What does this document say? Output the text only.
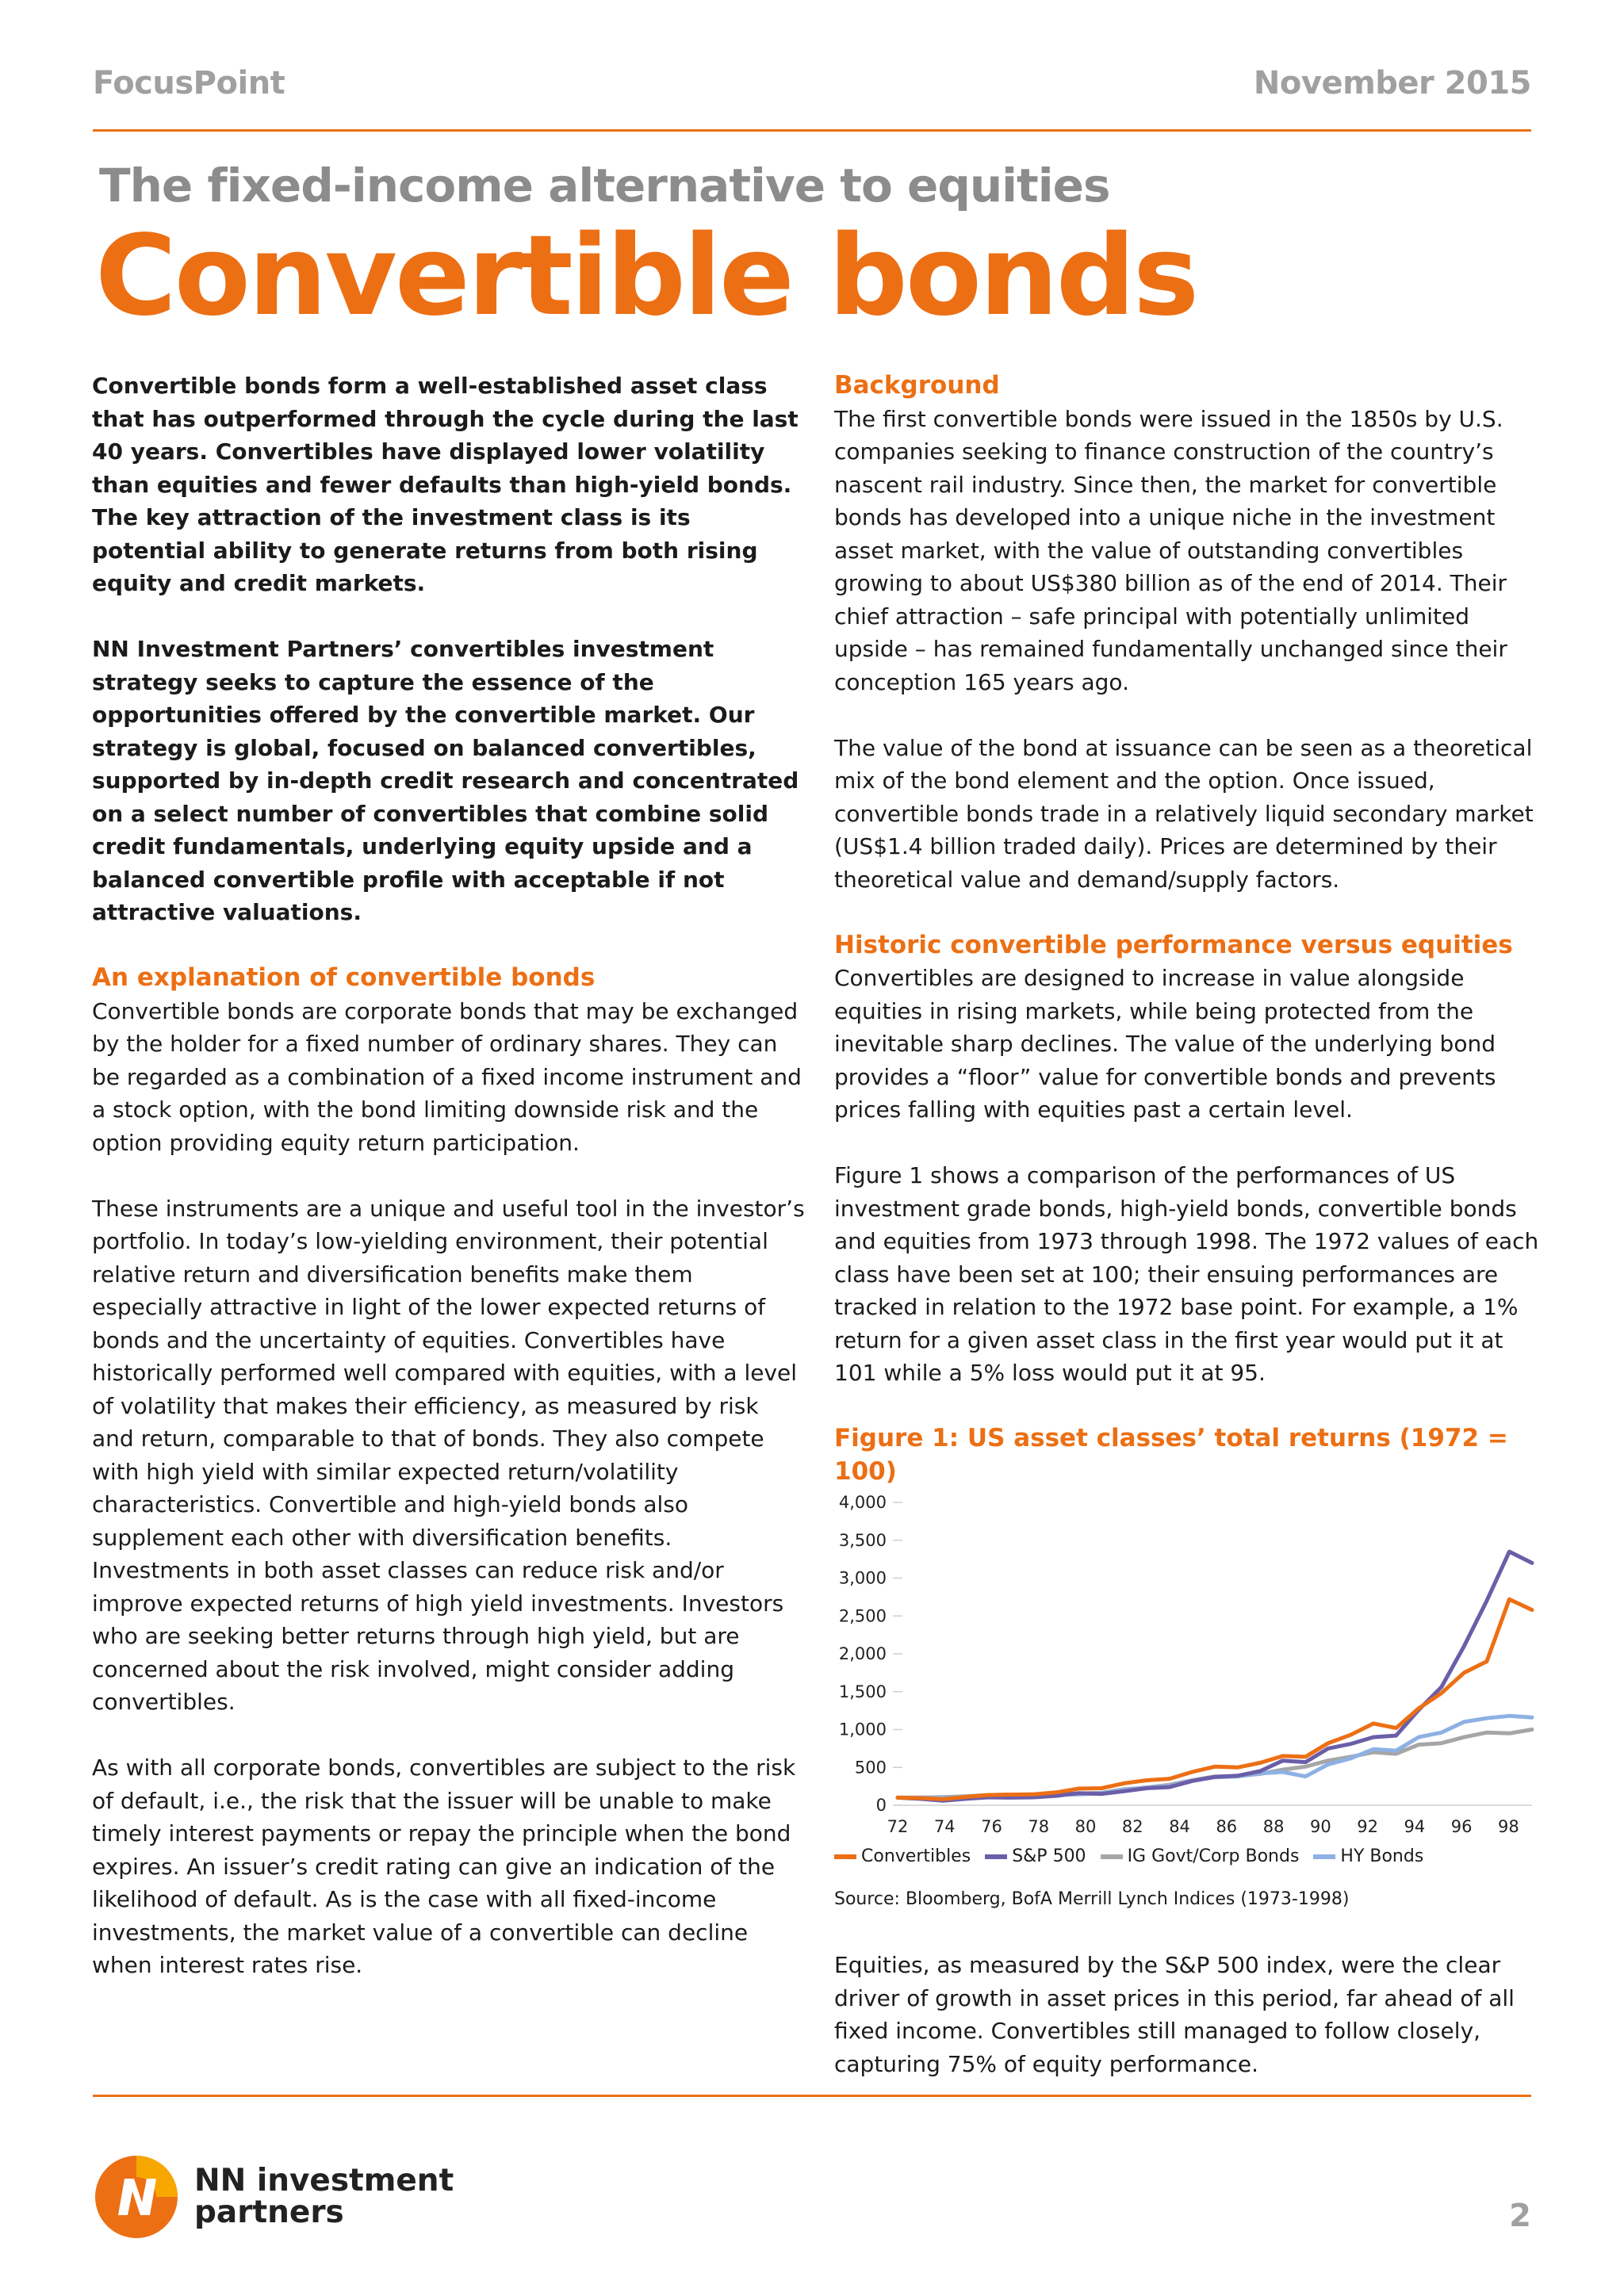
FocusPoint	November 2015
The fixed-income alternative to equities
Convertible bonds

Convertible bonds form a well-established asset class that has outperformed through the cycle during the last 40 years. Convertibles have displayed lower volatility than equities and fewer defaults than high-yield bonds. The key attraction of the investment class is its potential ability to generate returns from both rising equity and credit markets.

NN Investment Partners’ convertibles investment strategy seeks to capture the essence of the opportunities offered by the convertible market. Our strategy is global, focused on balanced convertibles, supported by in-depth credit research and concentrated on a select number of convertibles that combine solid credit fundamentals, underlying equity upside and a balanced convertible profile with acceptable if not attractive valuations.

An explanation of convertible bonds

Convertible bonds are corporate bonds that may be exchanged by the holder for a fixed number of ordinary shares. They can be regarded as a combination of a fixed income instrument and a stock option, with the bond limiting downside risk and the option providing equity return participation.

These instruments are a unique and useful tool in the investor’s portfolio. In today’s low-yielding environment, their potential relative return and diversification benefits make them especially attractive in light of the lower expected returns of bonds and the uncertainty of equities. Convertibles have historically performed well compared with equities, with a level of volatility that makes their efficiency, as measured by risk and return, comparable to that of bonds. They also compete with high yield with similar expected return/volatility characteristics. Convertible and high-yield bonds also supplement each other with diversification benefits. Investments in both asset classes can reduce risk and/or improve expected returns of high yield investments. Investors who are seeking better returns through high yield, but are concerned about the risk involved, might consider adding convertibles.

As with all corporate bonds, convertibles are subject to the risk of default, i.e., the risk that the issuer will be unable to make timely interest payments or repay the principle when the bond expires. An issuer’s credit rating can give an indication of the likelihood of default. As is the case with all fixed-income investments, the market value of a convertible can decline when interest rates rise.

Background

The first convertible bonds were issued in the 1850s by U.S. companies seeking to finance construction of the country’s nascent rail industry. Since then, the market for convertible bonds has developed into a unique niche in the investment asset market, with the value of outstanding convertibles growing to about US$380 billion as of the end of 2014. Their chief attraction – safe principal with potentially unlimited upside – has remained fundamentally unchanged since their conception 165 years ago.

The value of the bond at issuance can be seen as a theoretical mix of the bond element and the option. Once issued, convertible bonds trade in a relatively liquid secondary market (US$1.4 billion traded daily). Prices are determined by their theoretical value and demand/supply factors.

Historic convertible performance versus equities

Convertibles are designed to increase in value alongside equities in rising markets, while being protected from the inevitable sharp declines. The value of the underlying bond provides a “floor” value for convertible bonds and prevents prices falling with equities past a certain level.

Figure 1 shows a comparison of the performances of US investment grade bonds, high-yield bonds, convertible bonds and equities from 1973 through 1998. The 1972 values of each class have been set at 100; their ensuing performances are tracked in relation to the 1972 base point. For example, a 1% return for a given asset class in the first year would put it at 101 while a 5% loss would put it at 95.

Figure 1: US asset classes’ total returns (1972 = 100)
0
500
1,000
1,500
2,000
2,500
3,000
3,500
4,000
72 74 76 78 80 82 84 86 88 90 92 94 96 98
Convertibles S&P 500 IG Govt/Corp Bonds HY Bonds
Source: Bloomberg, BofA Merrill Lynch Indices (1973-1998)

Equities, as measured by the S&P 500 index, were the clear driver of growth in asset prices in this period, far ahead of all fixed income. Convertibles still managed to follow closely, capturing 75% of equity performance.

NN investment
partners	2
